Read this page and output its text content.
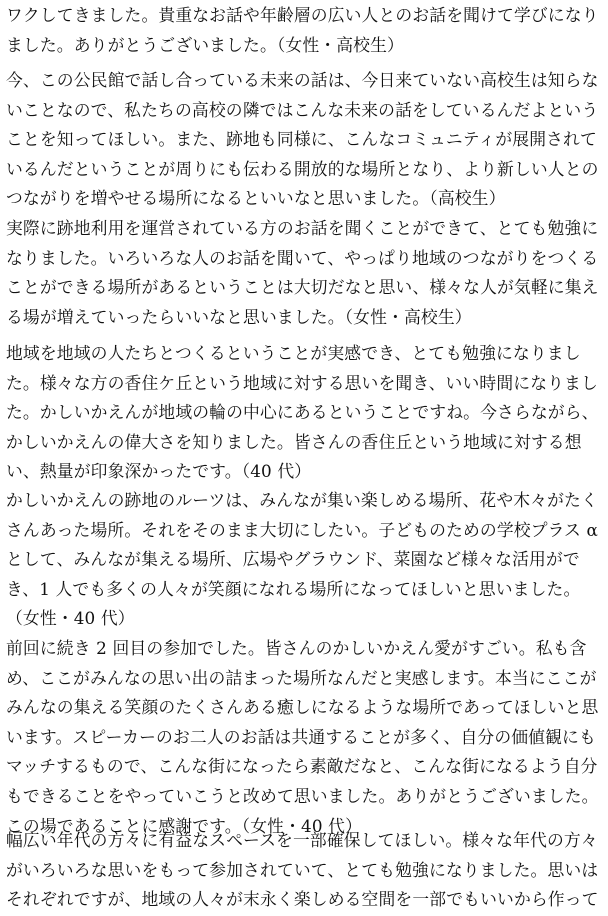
ワクしてきました。貴重なお話や年齢層の広い人とのお話を聞けて学びになり
ました。ありがとうございました。（女性・高校生）

今、この公民館で話し合っている未来の話は、今日来ていない高校生は知らな
いことなので、私たちの高校の隣ではこんな未来の話をしているんだよという
ことを知ってほしい。また、跡地も同様に、こんなコミュニティが展開されて
いるんだということが周りにも伝わる開放的な場所となり、より新しい人との
つながりを増やせる場所になるといいなと思いました。（高校生）

実際に跡地利用を運営されている方のお話を聞くことができて、とても勉強に
なりました。いろいろな人のお話を聞いて、やっぱり地域のつながりをつくる
ことができる場所があるということは大切だなと思い、様々な人が気軽に集え
る場が増えていったらいいなと思いました。（女性・高校生）

地域を地域の人たちとつくるということが実感でき、とても勉強になりまし
た。様々な方の香住ケ丘という地域に対する思いを聞き、いい時間になりまし
た。かしいかえんが地域の輪の中心にあるということですね。今さらながら、
かしいかえんの偉大さを知りました。皆さんの香住丘という地域に対する想
い、熱量が印象深かったです。（40 代）

かしいかえんの跡地のルーツは、みんなが集い楽しめる場所、花や木々がたく
さんあった場所。それをそのまま大切にしたい。子どものための学校プラス α
として、みんなが集える場所、広場やグラウンド、菜園など様々な活用がで
き、1 人でも多くの人々が笑顔になれる場所になってほしいと思いました。
（女性・40 代）

前回に続き 2 回目の参加でした。皆さんのかしいかえん愛がすごい。私も含
め、ここがみんなの思い出の詰まった場所なんだと実感します。本当にここが
みんなの集える笑顔のたくさんある癒しになるような場所であってほしいと思
います。スピーカーのお二人のお話は共通することが多く、自分の価値観にも
マッチするもので、こんな街になったら素敵だなと、こんな街になるよう自分
もできることをやっていこうと改めて思いました。ありがとうございました。
この場であることに感謝です。（女性・40 代）

幅広い年代の方々に有益なスペースを一部確保してほしい。様々な年代の方々
がいろいろな思いをもって参加されていて、とても勉強になりました。思いは
それぞれですが、地域の人々が末永く楽しめる空間を一部でもいいから作って
